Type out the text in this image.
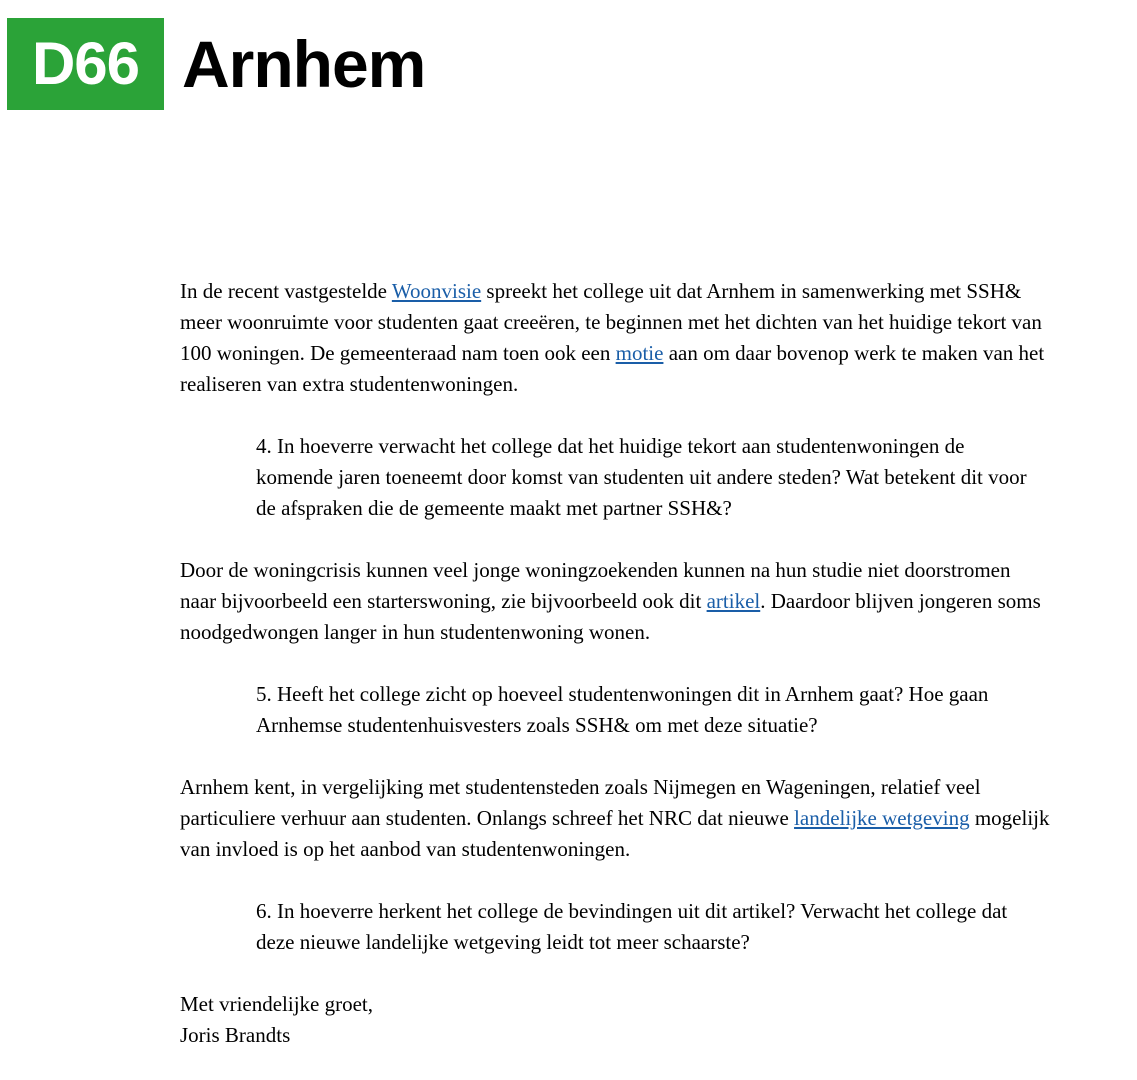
D66 Arnhem

In de recent vastgestelde Woonvisie spreekt het college uit dat Arnhem in samenwerking met SSH& meer woonruimte voor studenten gaat creeëren, te beginnen met het dichten van het huidige tekort van 100 woningen. De gemeenteraad nam toen ook een motie aan om daar bovenop werk te maken van het realiseren van extra studentenwoningen.

4. In hoeverre verwacht het college dat het huidige tekort aan studentenwoningen de komende jaren toeneemt door komst van studenten uit andere steden? Wat betekent dit voor de afspraken die de gemeente maakt met partner SSH&?

Door de woningcrisis kunnen veel jonge woningzoekenden kunnen na hun studie niet doorstromen naar bijvoorbeeld een starterswoning, zie bijvoorbeeld ook dit artikel. Daardoor blijven jongeren soms noodgedwongen langer in hun studentenwoning wonen.

5. Heeft het college zicht op hoeveel studentenwoningen dit in Arnhem gaat? Hoe gaan Arnhemse studentenhuisvesters zoals SSH& om met deze situatie?

Arnhem kent, in vergelijking met studentensteden zoals Nijmegen en Wageningen, relatief veel particuliere verhuur aan studenten. Onlangs schreef het NRC dat nieuwe landelijke wetgeving mogelijk van invloed is op het aanbod van studentenwoningen.

6. In hoeverre herkent het college de bevindingen uit dit artikel? Verwacht het college dat deze nieuwe landelijke wetgeving leidt tot meer schaarste?

Met vriendelijke groet,

Joris Brandts
